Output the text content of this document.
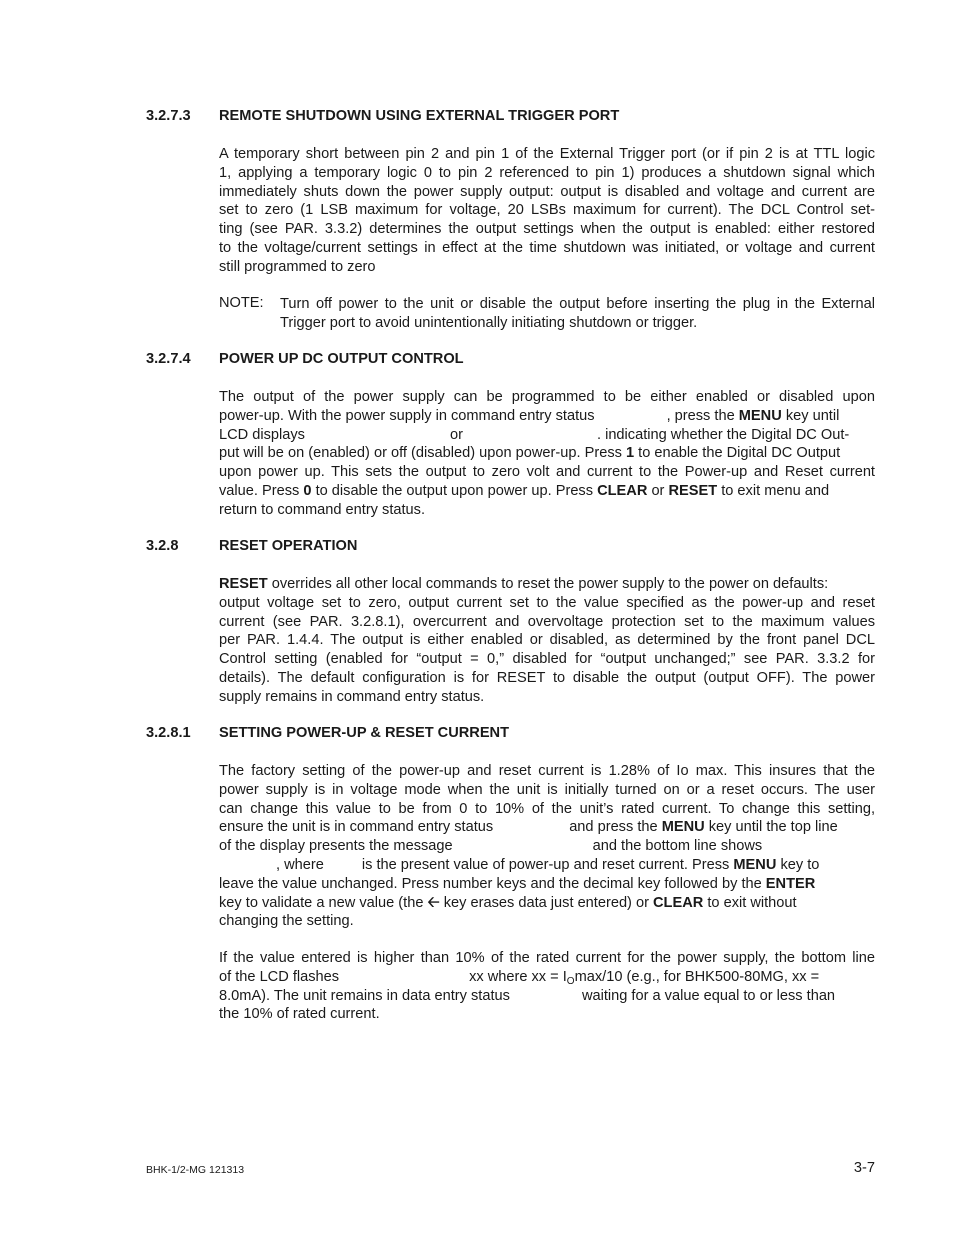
3.2.7.3 REMOTE SHUTDOWN USING EXTERNAL TRIGGER PORT
A temporary short between pin 2 and pin 1 of the External Trigger port (or if pin 2 is at TTL logic
1, applying a temporary logic 0 to pin 2 referenced to pin 1) produces a shutdown signal which
immediately shuts down the power supply output: output is disabled and voltage and current are
set to zero (1 LSB maximum for voltage, 20 LSBs maximum for current). The DCL Control set-
ting (see PAR. 3.3.2) determines the output settings when the output is enabled: either restored
to the voltage/current settings in effect at the time shutdown was initiated, or voltage and current
still programmed to zero
NOTE: Turn off power to the unit or disable the output before inserting the plug in the External
Trigger port to avoid unintentionally initiating shutdown or trigger.
3.2.7.4 POWER UP DC OUTPUT CONTROL
The output of the power supply can be programmed to be either enabled or disabled upon
power-up. With the power supply in command entry status	, press the MENU key until
LCD displays	or	. indicating whether the Digital DC Out-
put will be on (enabled) or off (disabled) upon power-up. Press 1 to enable the Digital DC Output
upon power up. This sets the output to zero volt and current to the Power-up and Reset current
value. Press 0 to disable the output upon power up. Press CLEAR or RESET to exit menu and
return to command entry status.
3.2.8	RESET OPERATION
RESET overrides all other local commands to reset the power supply to the power on defaults:
output voltage set to zero, output current set to the value specified as the power-up and reset
current (see PAR. 3.2.8.1), overcurrent and overvoltage protection set to the maximum values
per PAR. 1.4.4. The output is either enabled or disabled, as determined by the front panel DCL
Control setting (enabled for “output = 0,” disabled for “output unchanged;” see PAR. 3.3.2 for
details). The default configuration is for RESET to disable the output (output OFF). The power
supply remains in command entry status.
3.2.8.1 SETTING POWER-UP & RESET CURRENT
The factory setting of the power-up and reset current is 1.28% of Io max. This insures that the
power supply is in voltage mode when the unit is initially turned on or a reset occurs. The user
can change this value to be from 0 to 10% of the unit’s rated current. To change this setting,
ensure the unit is in command entry status	and press the MENU key until the top line
of the display presents the message	and the bottom line shows
, where	is the present value of power-up and reset current. Press MENU key to
leave the value unchanged. Press number keys and the decimal key followed by the ENTER
key to validate a new value (the 🡠 key erases data just entered) or CLEAR to exit without
changing the setting.
If the value entered is higher than 10% of the rated current for the power supply, the bottom line
of the LCD flashes	xx where xx = $I_O\max/10$ (e.g., for BHK500-80MG, xx =
8.0mA). The unit remains in data entry status	waiting for a value equal to or less than
the 10% of rated current.
BHK-1/2-MG 121313	3-7
